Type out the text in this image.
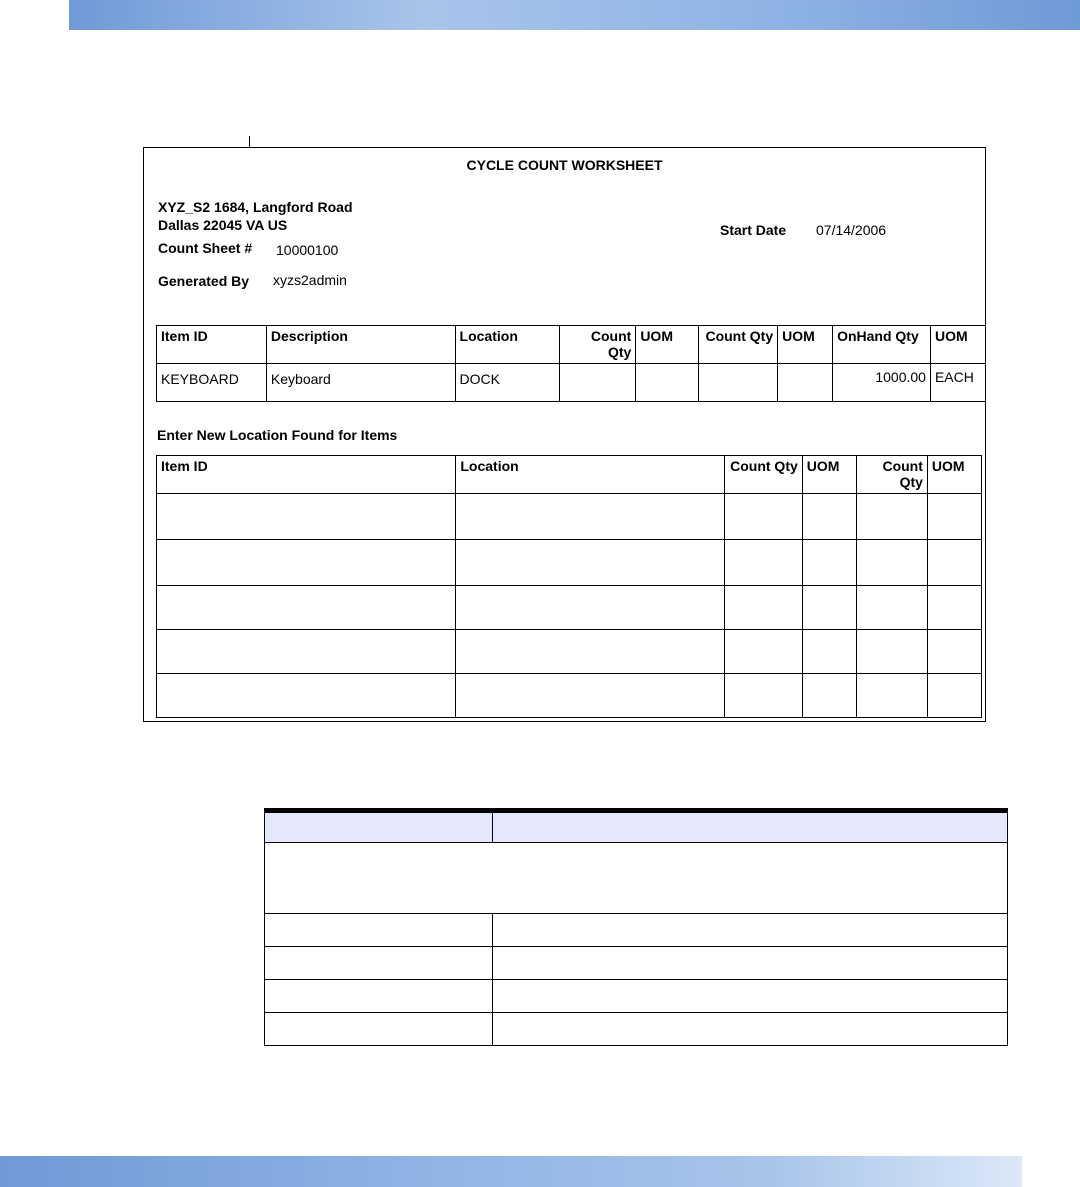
CYCLE COUNT WORKSHEET
XYZ_S2 1684, Langford Road
Dallas 22045 VA US
Count Sheet # 10000100
Generated By xyzs2admin
Start Date 07/14/2006
Item ID	Description	Location	Count Qty	UOM	Count Qty	UOM	OnHand Qty	UOM
KEYBOARD	Keyboard	DOCK					1000.00	EACH
Enter New Location Found for Items
Item ID	Location	Count Qty	UOM	Count Qty	UOM
